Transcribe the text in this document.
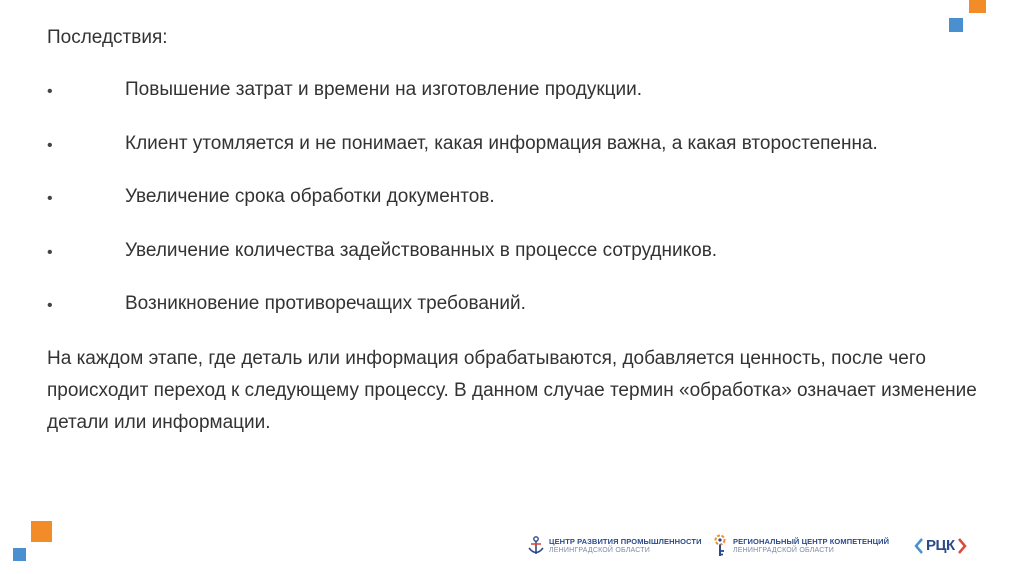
Последствия:
•	Повышение затрат и времени на изготовление продукции.
•	Клиент утомляется и не понимает, какая информация важна, а какая второстепенна.
•	Увеличение срока обработки документов.
•	Увеличение количества задействованных в процессе сотрудников.
•	Возникновение противоречащих требований.
На каждом этапе, где деталь или информация обрабатываются, добавляется ценность, после чего происходит переход к следующему процессу. В данном случае термин «обработка» означает изменение детали или информации.
ЦЕНТР РАЗВИТИЯ ПРОМЫШЛЕННОСТИ
ЛЕНИНГРАДСКОЙ ОБЛАСТИ
РЕГИОНАЛЬНЫЙ ЦЕНТР КОМПЕТЕНЦИЙ
ЛЕНИНГРАДСКОЙ ОБЛАСТИ	РЦК
